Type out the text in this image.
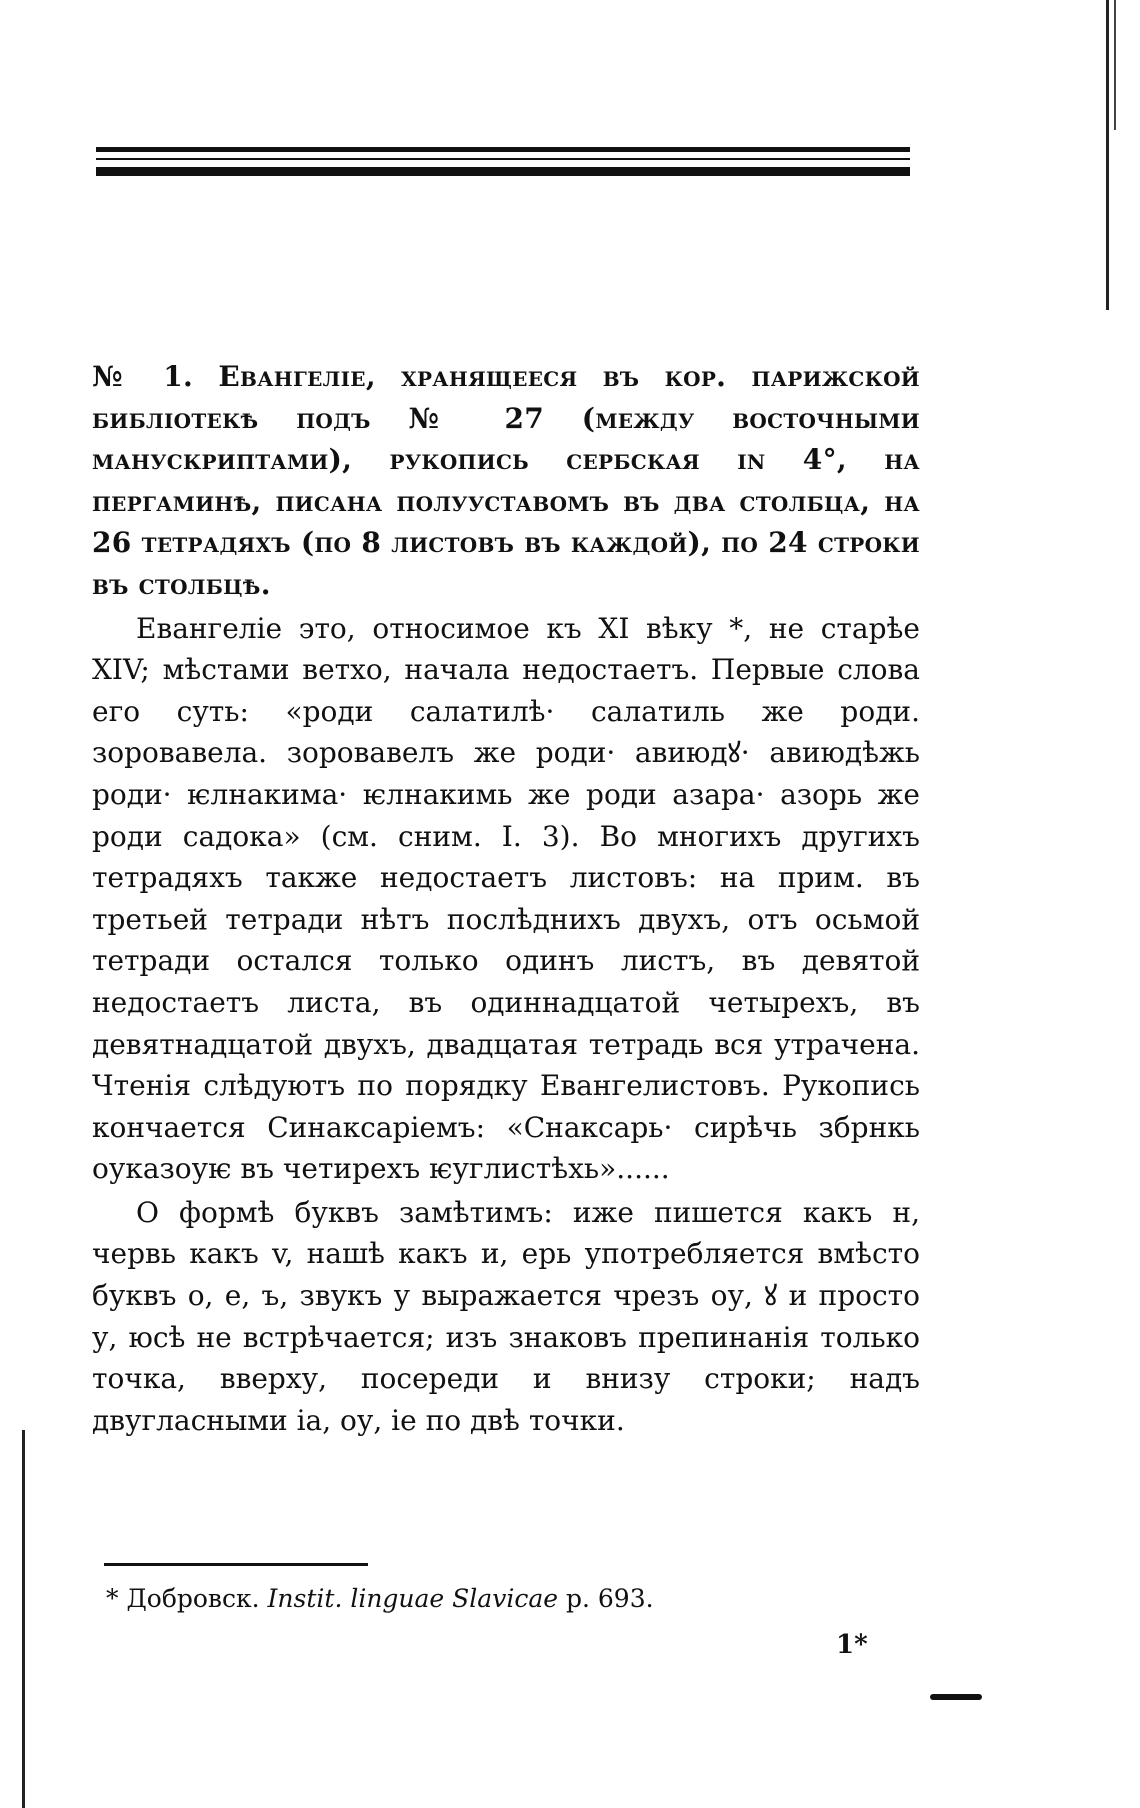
№ 1. Евангеліе, хранящееся въ кор. парижской библіотекѣ подъ № 27 (между восточными манускриптами), рукопись сербская in 4°, на пергаминѣ, писана полууставомъ въ два столбца, на 26 тетрадяхъ (по 8 листовъ въ каждой), по 24 строки въ столбцѣ.

Евангеліе это, относимое къ XI вѣку *, не старѣе XIV; мѣстами ветхо, начала недостаетъ. Первые слова его суть: «роди салатилѣ· салатиль же роди. зоровавела. зоровавелъ же роди· авиюдꙋ· авиюдѣжь роди· ѥлнакима· ѥлнакимь же роди азара· азорь же роди садока» (см. сним. I. 3). Во многихъ другихъ тетрадяхъ также недостаетъ листовъ: на прим. въ третьей тетради нѣтъ послѣднихъ двухъ, отъ осьмой тетради остался только одинъ листъ, въ девятой недостаетъ листа, въ одиннадцатой четырехъ, въ девятнадцатой двухъ, двадцатая тетрадь вся утрачена. Чтенія слѣдуютъ по порядку Евангелистовъ. Рукопись кончается Синаксаріемъ: «Снаксарь· сирѣчь збрнкь оуказоуѥ въ четирехъ ѥуглистѣхь»......

О формѣ буквъ замѣтимъ: иже пишется какъ н, червь какъ v, нашѣ какъ и, ерь употребляется вмѣсто буквъ о, е, ъ, звукъ у выражается чрезъ оу, ꙋ и просто у, юсѣ не встрѣчается; изъ знаковъ препинанія только точка, вверху, посереди и внизу строки; надъ двугласными іа, оу, іе по двѣ точки.

* Добровск. Instit. linguae Slavicae p. 693.
1*
